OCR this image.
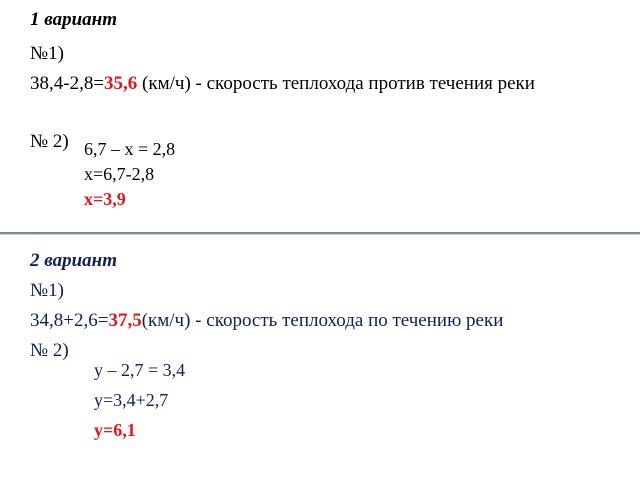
1 вариант
№1)
38,4-2,8=35,6 (км/ч) - скорость теплохода против течения реки
№ 2) 6,7 – х = 2,8
х=6,7-2,8
х=3,9
2 вариант
№1)
34,8+2,6=37,5(км/ч) - скорость теплохода по течению реки
№ 2)
у – 2,7 = 3,4
у=3,4+2,7
у=6,1
